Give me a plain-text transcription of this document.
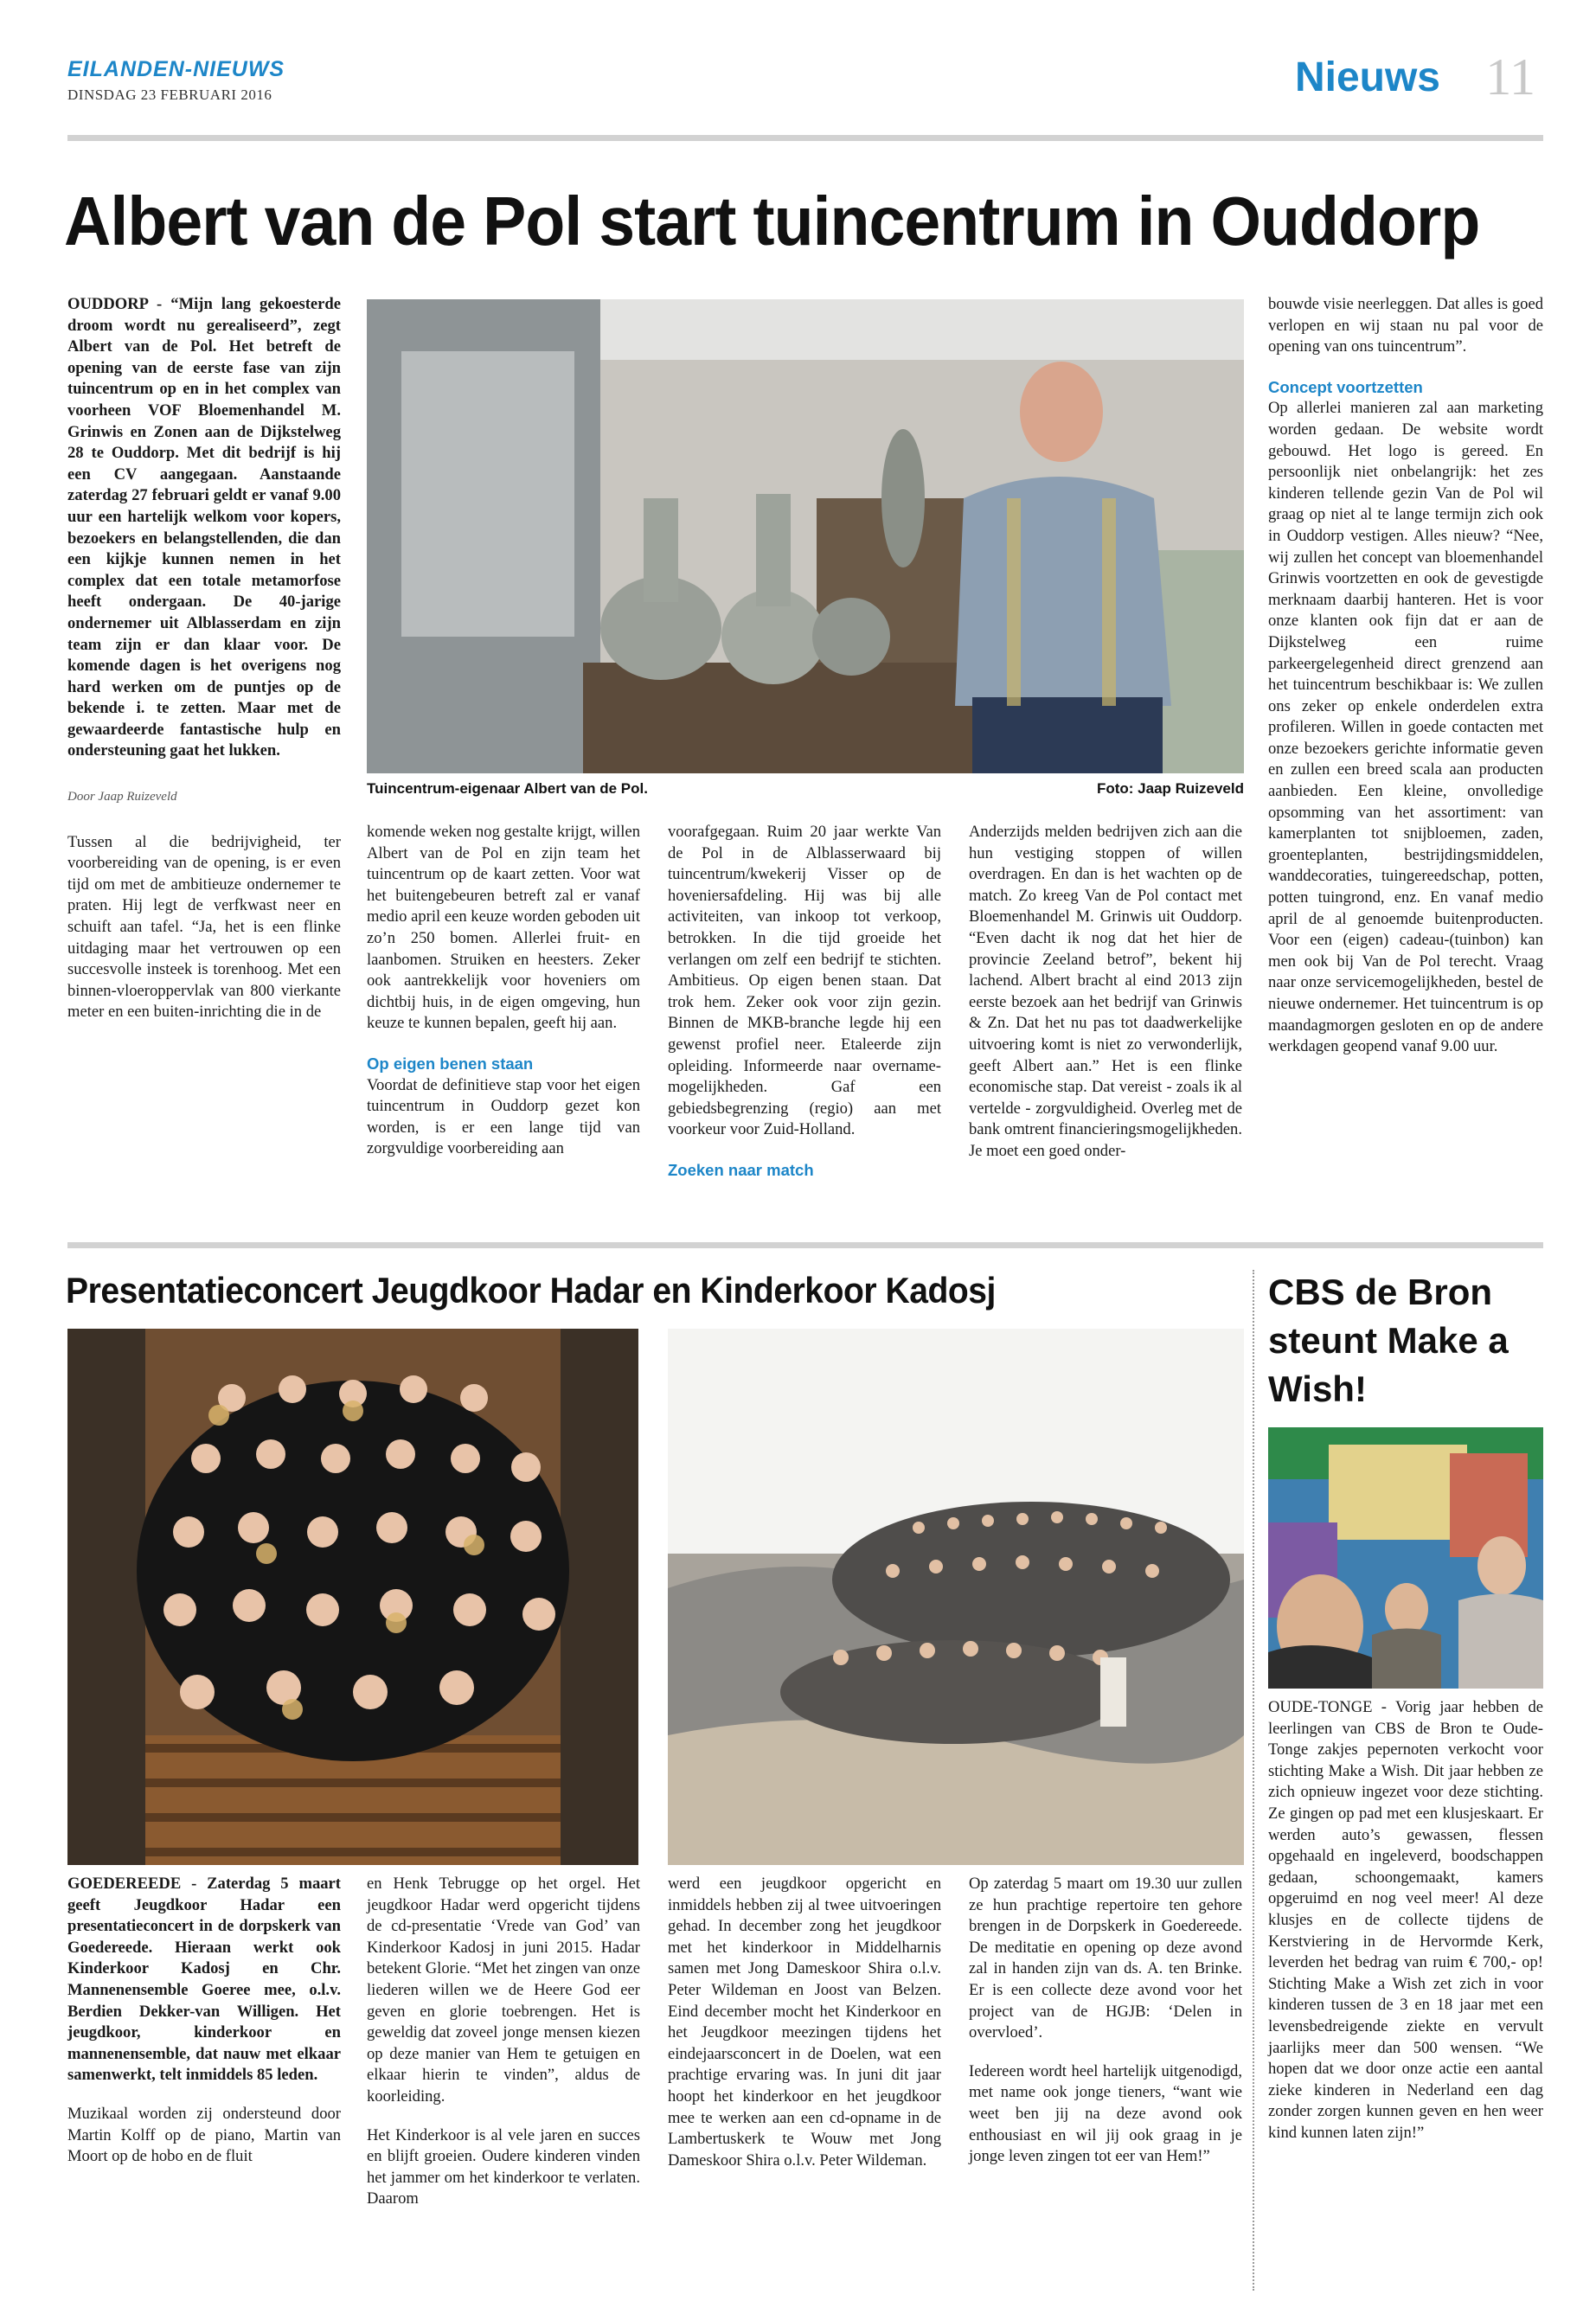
EILANDEN-NIEUWS
DINSDAG 23 FEBRUARI 2016	Nieuws 11
Albert van de Pol start tuincentrum in Ouddorp

OUDDORP - “Mijn lang gekoesterde droom wordt nu gerealiseerd”, zegt Albert van de Pol. Het betreft de opening van de eerste fase van zijn tuincentrum op en in het complex van voorheen VOF Bloemenhandel M. Grinwis en Zonen aan de Dijkstelweg 28 te Ouddorp. Met dit bedrijf is hij een CV aangegaan. Aanstaande zaterdag 27 februari geldt er vanaf 9.00 uur een hartelijk welkom voor kopers, bezoekers en belangstellenden, die dan een kijkje kunnen nemen in het complex dat een totale metamorfose heeft ondergaan. De 40-jarige ondernemer uit Alblasserdam en zijn team zijn er dan klaar voor. De komende dagen is het overigens nog hard werken om de puntjes op de bekende i. te zetten. Maar met de gewaardeerde fantastische hulp en ondersteuning gaat het lukken.

Door Jaap Ruizeveld

Tussen al die bedrijvigheid, ter voorbereiding van de opening, is er even tijd om met de ambitieuze ondernemer te praten. Hij legt de verfkwast neer en schuift aan tafel. “Ja, het is een flinke uitdaging maar het vertrouwen op een succesvolle insteek is torenhoog. Met een binnen-vloeroppervlak van 800 vierkante meter en een buiten-inrichting die in de

Tuincentrum-eigenaar Albert van de Pol.	Foto: Jaap Ruizeveld

komende weken nog gestalte krijgt, willen Albert van de Pol en zijn team het tuincentrum op de kaart zetten. Voor wat het buitengebeuren betreft zal er vanaf medio april een keuze worden geboden uit zo’n 250 bomen. Allerlei fruit- en laanbomen. Struiken en heesters. Zeker ook aantrekkelijk voor hoveniers om dichtbij huis, in de eigen omgeving, hun keuze te kunnen bepalen, geeft hij aan.

Op eigen benen staan

Voordat de definitieve stap voor het eigen tuincentrum in Ouddorp gezet kon worden, is er een lange tijd van zorgvuldige voorbereiding aan

voorafgegaan. Ruim 20 jaar werkte Van de Pol in de Alblasserwaard bij tuincentrum/kwekerij Visser op de hoveniersafdeling. Hij was bij alle activiteiten, van inkoop tot verkoop, betrokken. In die tijd groeide het verlangen om zelf een bedrijf te stichten. Ambitieus. Op eigen benen staan. Dat trok hem. Zeker ook voor zijn gezin. Binnen de MKB-branche legde hij een gewenst profiel neer. Etaleerde zijn opleiding. Informeerde naar overname-mogelijkheden. Gaf een gebiedsbegrenzing (regio) aan met voorkeur voor Zuid-Holland.

Zoeken naar match

Anderzijds melden bedrijven zich aan die hun vestiging stoppen of willen overdragen. En dan is het wachten op de match. Zo kreeg Van de Pol contact met Bloemenhandel M. Grinwis uit Ouddorp. “Even dacht ik nog dat het hier de provincie Zeeland betrof”, bekent hij lachend. Albert bracht al eind 2013 zijn eerste bezoek aan het bedrijf van Grinwis & Zn. Dat het nu pas tot daadwerkelijke uitvoering komt is niet zo verwonderlijk, geeft Albert aan.” Het is een flinke economische stap. Dat vereist - zoals ik al vertelde - zorgvuldigheid. Overleg met de bank omtrent financieringsmogelijkheden. Je moet een goed onder-

bouwde visie neerleggen. Dat alles is goed verlopen en wij staan nu pal voor de opening van ons tuincentrum”.

Concept voortzetten

Op allerlei manieren zal aan marketing worden gedaan. De website wordt gebouwd. Het logo is gereed. En persoonlijk niet onbelangrijk: het zes kinderen tellende gezin Van de Pol wil graag op niet al te lange termijn zich ook in Ouddorp vestigen. Alles nieuw? “Nee, wij zullen het concept van bloemenhandel Grinwis voortzetten en ook de gevestigde merknaam daarbij hanteren. Het is voor onze klanten ook fijn dat er aan de Dijkstelweg een ruime parkeergelegenheid direct grenzend aan het tuincentrum beschikbaar is: We zullen ons zeker op enkele onderdelen extra profileren. Willen in goede contacten met onze bezoekers gerichte informatie geven en zullen een breed scala aan producten aanbieden. Een kleine, onvolledige opsomming van het assortiment: van kamerplanten tot snijbloemen, zaden, groenteplanten, bestrijdingsmiddelen, wanddecoraties, tuingereedschap, potten, potten tuingrond, enz. En vanaf medio april de al genoemde buitenproducten. Voor een (eigen) cadeau-(tuinbon) kan men ook bij Van de Pol terecht. Vraag naar onze servicemogelijkheden, bestel de nieuwe ondernemer. Het tuincentrum is op maandagmorgen gesloten en op de andere werkdagen geopend vanaf 9.00 uur.

Presentatieconcert Jeugdkoor Hadar en Kinderkoor Kadosj

GOEDEREEDE - Zaterdag 5 maart geeft Jeugdkoor Hadar een presentatieconcert in de dorpskerk van Goedereede. Hieraan werkt ook Kinderkoor Kadosj en Chr. Mannenensemble Goeree mee, o.l.v. Berdien Dekker-van Willigen. Het jeugdkoor, kinderkoor en mannenensemble, dat nauw met elkaar samenwerkt, telt inmiddels 85 leden.

Muzikaal worden zij ondersteund door Martin Kolff op de piano, Martin van Moort op de hobo en de fluit

en Henk Tebrugge op het orgel. Het jeugdkoor Hadar werd opgericht tijdens de cd-presentatie ‘Vrede van God’ van Kinderkoor Kadosj in juni 2015. Hadar betekent Glorie. “Met het zingen van onze liederen willen we de Heere God eer geven en glorie toebrengen. Het is geweldig dat zoveel jonge mensen kiezen op deze manier van Hem te getuigen en elkaar hierin te vinden”, aldus de koorleiding.

Het Kinderkoor is al vele jaren en succes en blijft groeien. Oudere kinderen vinden het jammer om het kinderkoor te verlaten. Daarom

werd een jeugdkoor opgericht en inmiddels hebben zij al twee uitvoeringen gehad. In december zong het jeugdkoor met het kinderkoor in Middelharnis samen met Jong Dameskoor Shira o.l.v. Peter Wildeman en Joost van Belzen. Eind december mocht het Kinderkoor en het Jeugdkoor meezingen tijdens het eindejaarsconcert in de Doelen, wat een prachtige ervaring was. In juni dit jaar hoopt het kinderkoor en het jeugdkoor mee te werken aan een cd-opname in de Lambertuskerk te Wouw met Jong Dameskoor Shira o.l.v. Peter Wildeman.

Op zaterdag 5 maart om 19.30 uur zullen ze hun prachtige repertoire ten gehore brengen in de Dorpskerk in Goedereede. De meditatie en opening op deze avond zal in handen zijn van ds. A. ten Brinke. Er is een collecte deze avond voor het project van de HGJB: ‘Delen in overvloed’.

Iedereen wordt heel hartelijk uitgenodigd, met name ook jonge tieners, “want wie weet ben jij na deze avond ook enthousiast en wil jij ook graag in je jonge leven zingen tot eer van Hem!”

CBS de Bron steunt Make a Wish!

OUDE-TONGE - Vorig jaar hebben de leerlingen van CBS de Bron te Oude-Tonge zakjes pepernoten verkocht voor stichting Make a Wish. Dit jaar hebben ze zich opnieuw ingezet voor deze stichting. Ze gingen op pad met een klusjeskaart. Er werden auto’s gewassen, flessen opgehaald en ingeleverd, boodschappen gedaan, schoongemaakt, kamers opgeruimd en nog veel meer! Al deze klusjes en de collecte tijdens de Kerstviering in de Hervormde Kerk, leverden het bedrag van ruim € 700,- op! Stichting Make a Wish zet zich in voor kinderen tussen de 3 en 18 jaar met een levensbedreigende ziekte en vervult jaarlijks meer dan 500 wensen. “We hopen dat we door onze actie een aantal zieke kinderen in Nederland een dag zonder zorgen kunnen geven en hen weer kind kunnen laten zijn!”
